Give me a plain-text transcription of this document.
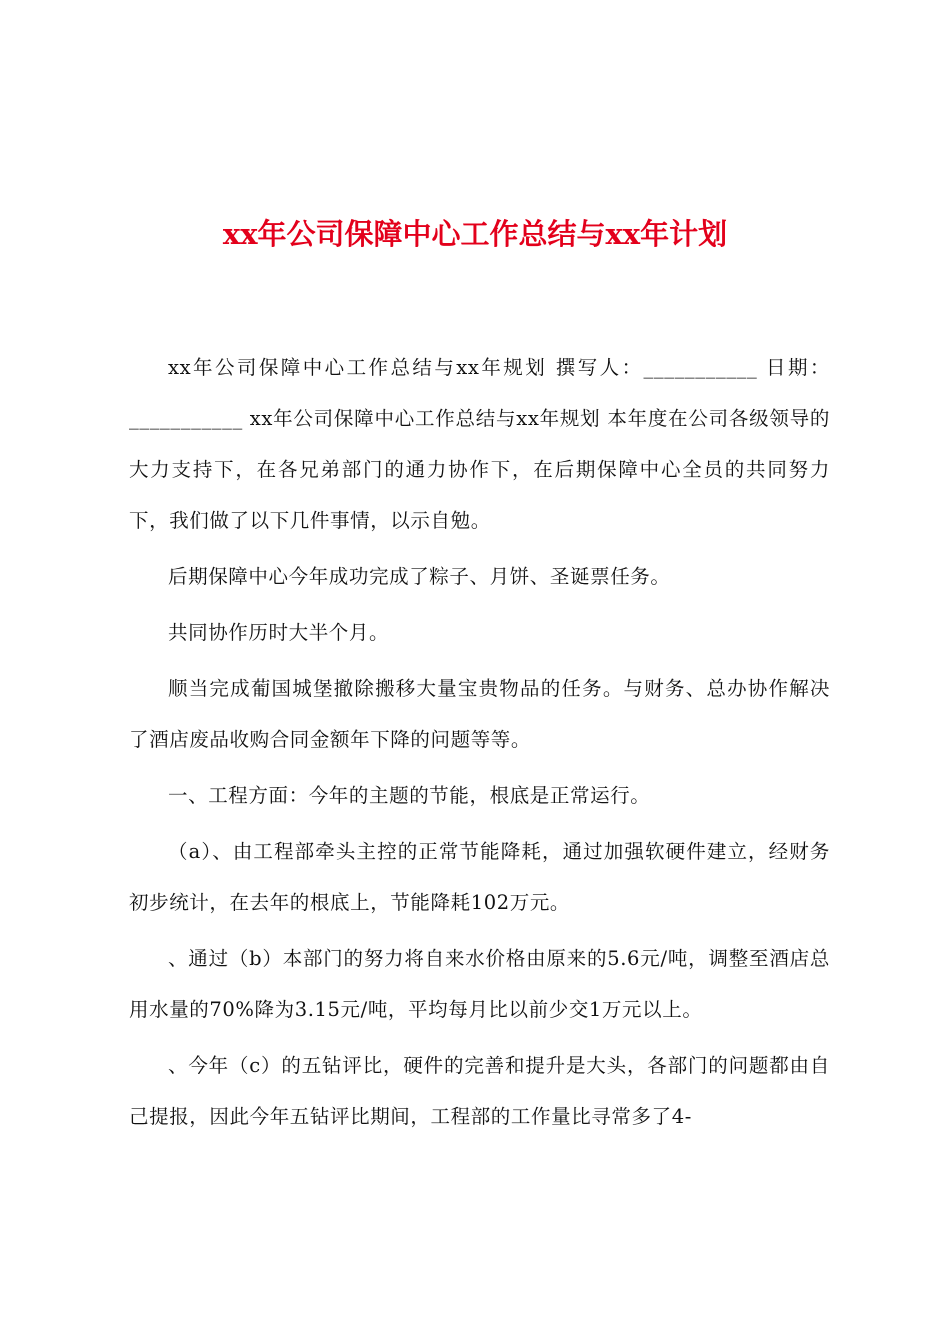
xx年公司保障中心工作总结与xx年计划

xx年公司保障中心工作总结与xx年规划 撰写人：___________ 日期：___________ xx年公司保障中心工作总结与xx年规划 本年度在公司各级领导的大力支持下，在各兄弟部门的通力协作下，在后期保障中心全员的共同努力下，我们做了以下几件事情，以示自勉。

后期保障中心今年成功完成了粽子、月饼、圣诞票任务。

共同协作历时大半个月。

顺当完成葡国城堡撤除搬移大量宝贵物品的任务。与财务、总办协作解决了酒店废品收购合同金额年下降的问题等等。

一、工程方面：今年的主题的节能，根底是正常运行。

（a）、由工程部牵头主控的正常节能降耗，通过加强软硬件建立，经财务初步统计，在去年的根底上，节能降耗102万元。

、通过（b）本部门的努力将自来水价格由原来的5.6元/吨，调整至酒店总用水量的70%降为3.15元/吨，平均每月比以前少交1万元以上。

、今年（c）的五钻评比，硬件的完善和提升是大头，各部门的问题都由自己提报，因此今年五钻评比期间，工程部的工作量比寻常多了4-
